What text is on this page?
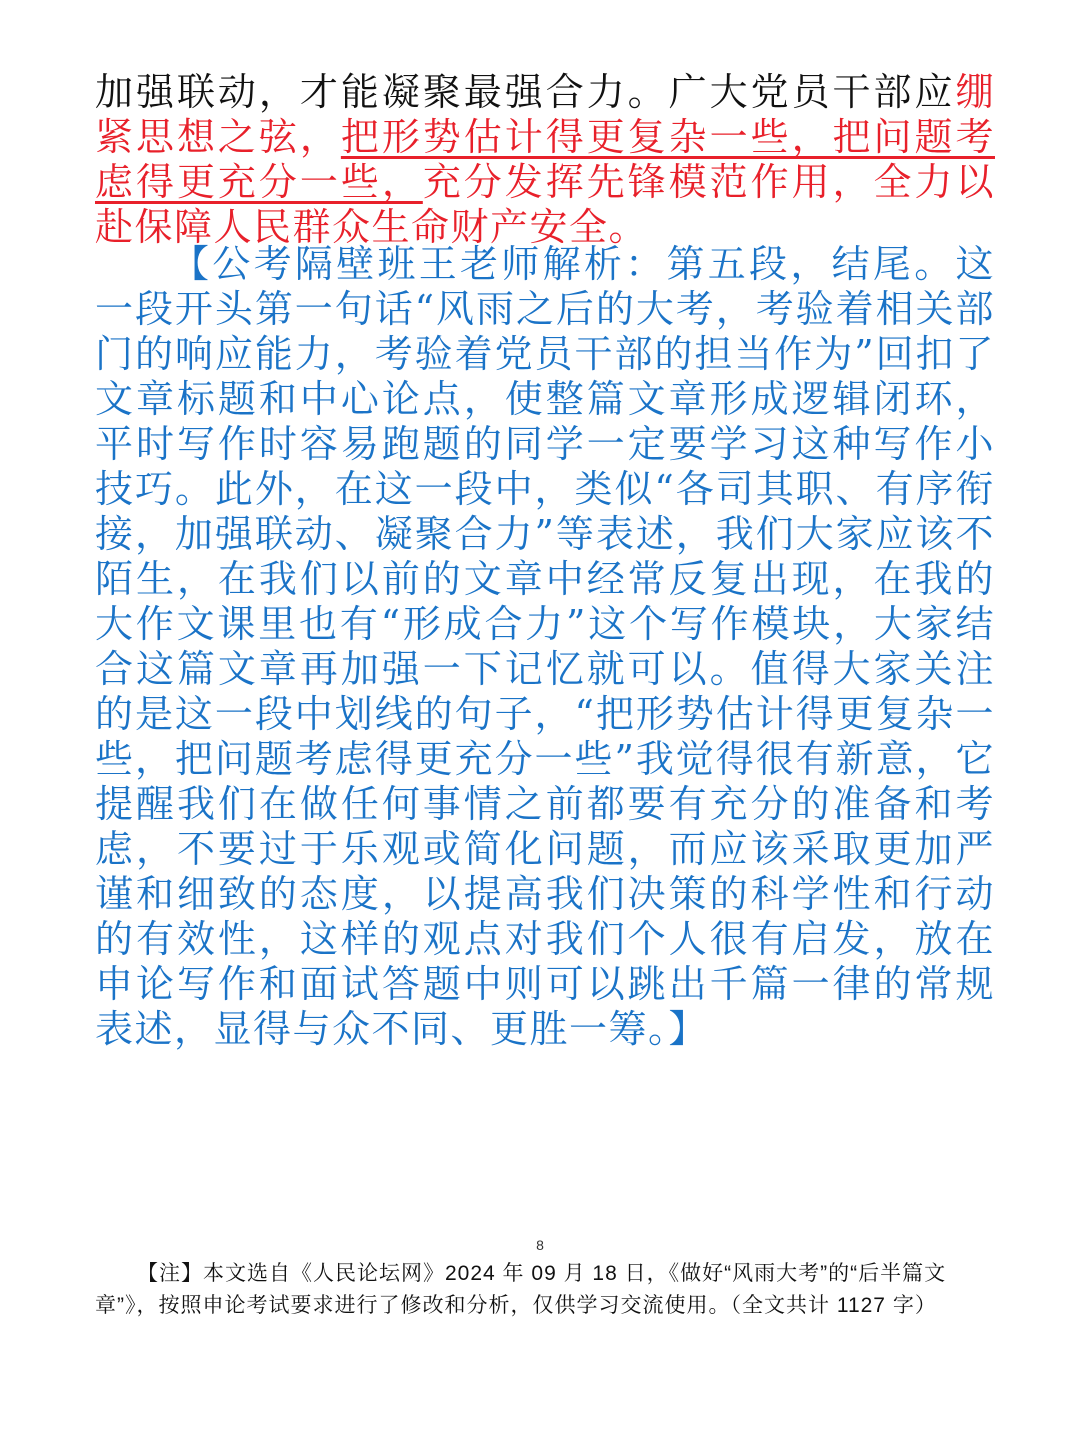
加强联动，才能凝聚最强合力。广大党员干部应绷紧思想之弦，把形势估计得更复杂一些，把问题考虑得更充分一些，充分发挥先锋模范作用，全力以赴保障人民群众生命财产安全。

【公考隔壁班王老师解析：第五段，结尾。这一段开头第一句话“风雨之后的大考，考验着相关部门的响应能力，考验着党员干部的担当作为”回扣了文章标题和中心论点，使整篇文章形成逻辑闭环，平时写作时容易跑题的同学一定要学习这种写作小技巧。此外，在这一段中，类似“各司其职、有序衔接，加强联动、凝聚合力”等表述，我们大家应该不陌生，在我们以前的文章中经常反复出现，在我的大作文课里也有“形成合力”这个写作模块，大家结合这篇文章再加强一下记忆就可以。值得大家关注的是这一段中划线的句子，“把形势估计得更复杂一些，把问题考虑得更充分一些”我觉得很有新意，它提醒我们在做任何事情之前都要有充分的准备和考虑，不要过于乐观或简化问题，而应该采取更加严谨和细致的态度，以提高我们决策的科学性和行动的有效性，这样的观点对我们个人很有启发，放在申论写作和面试答题中则可以跳出千篇一律的常规表述，显得与众不同、更胜一筹。】

8

【注】本文选自《人民论坛网》2024 年 09 月 18 日，《做好“风雨大考”的“后半篇文章”》，按照申论考试要求进行了修改和分析，仅供学习交流使用。（全文共计 1127 字）
